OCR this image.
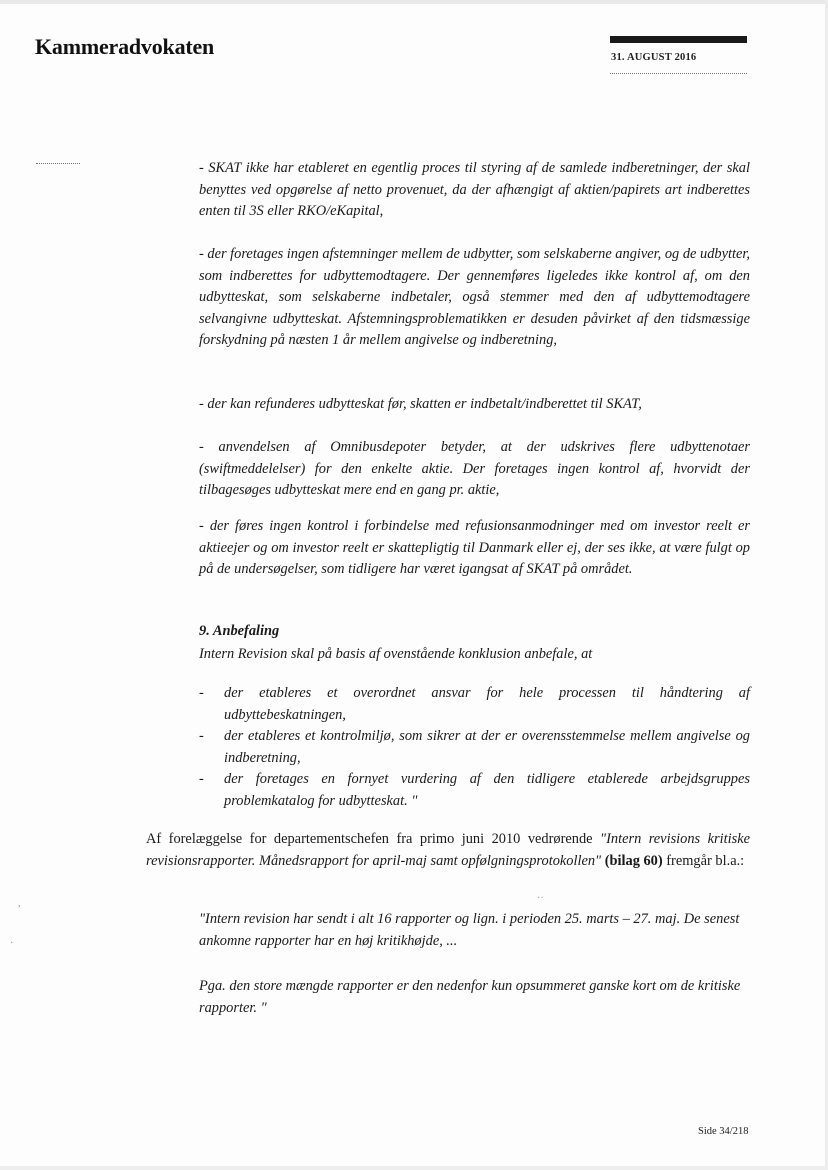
Kammeradvokaten	31. AUGUST 2016

- SKAT ikke har etableret en egentlig proces til styring af de samlede indberetninger, der skal benyttes ved opgørelse af netto provenuet, da der afhængigt af aktien/papirets art indberettes enten til 3S eller RKO/eKapital,

- der foretages ingen afstemninger mellem de udbytter, som selskaberne angiver, og de udbytter, som indberettes for udbyttemodtagere. Der gennemføres ligeledes ikke kontrol af, om den udbytteskat, som selskaberne indbetaler, også stemmer med den af udbyttemodtagere selvangivne udbytteskat. Afstemningsproblematikken er desuden påvirket af den tidsmæssige forskydning på næsten 1 år mellem angivelse og indberetning,

- der kan refunderes udbytteskat før, skatten er indbetalt/indberettet til SKAT,

- anvendelsen af Omnibusdepoter betyder, at der udskrives flere udbyttenotaer (swiftmeddelelser) for den enkelte aktie. Der foretages ingen kontrol af, hvorvidt der tilbagesøges udbytteskat mere end en gang pr. aktie,

- der føres ingen kontrol i forbindelse med refusionsanmodninger med om investor reelt er aktieejer og om investor reelt er skattepligtig til Danmark eller ej, der ses ikke, at være fulgt op på de undersøgelser, som tidligere har været igangsat af SKAT på området.

9. Anbefaling
Intern Revision skal på basis af ovenstående konklusion anbefale, at
- der etableres et overordnet ansvar for hele processen til håndtering af udbyttebeskatningen,
- der etableres et kontrolmiljø, som sikrer at der er overensstemmelse mellem angivelse og indberetning,
- der foretages en fornyet vurdering af den tidligere etablerede arbejdsgruppes problemkatalog for udbytteskat. "

Af forelæggelse for departementschefen fra primo juni 2010 vedrørende "Intern revisions kritiske revisionsrapporter. Månedsrapport for april-maj samt opfølgningsprotokollen" (bilag 60) fremgår bl.a.:

"Intern revision har sendt i alt 16 rapporter og lign. i perioden 25. marts – 27. maj. De senest ankomne rapporter har en høj kritikhøjde, ...

Pga. den store mængde rapporter er den nedenfor kun opsummeret ganske kort om de kritiske rapporter. "

Side 34/218
,
·
··
